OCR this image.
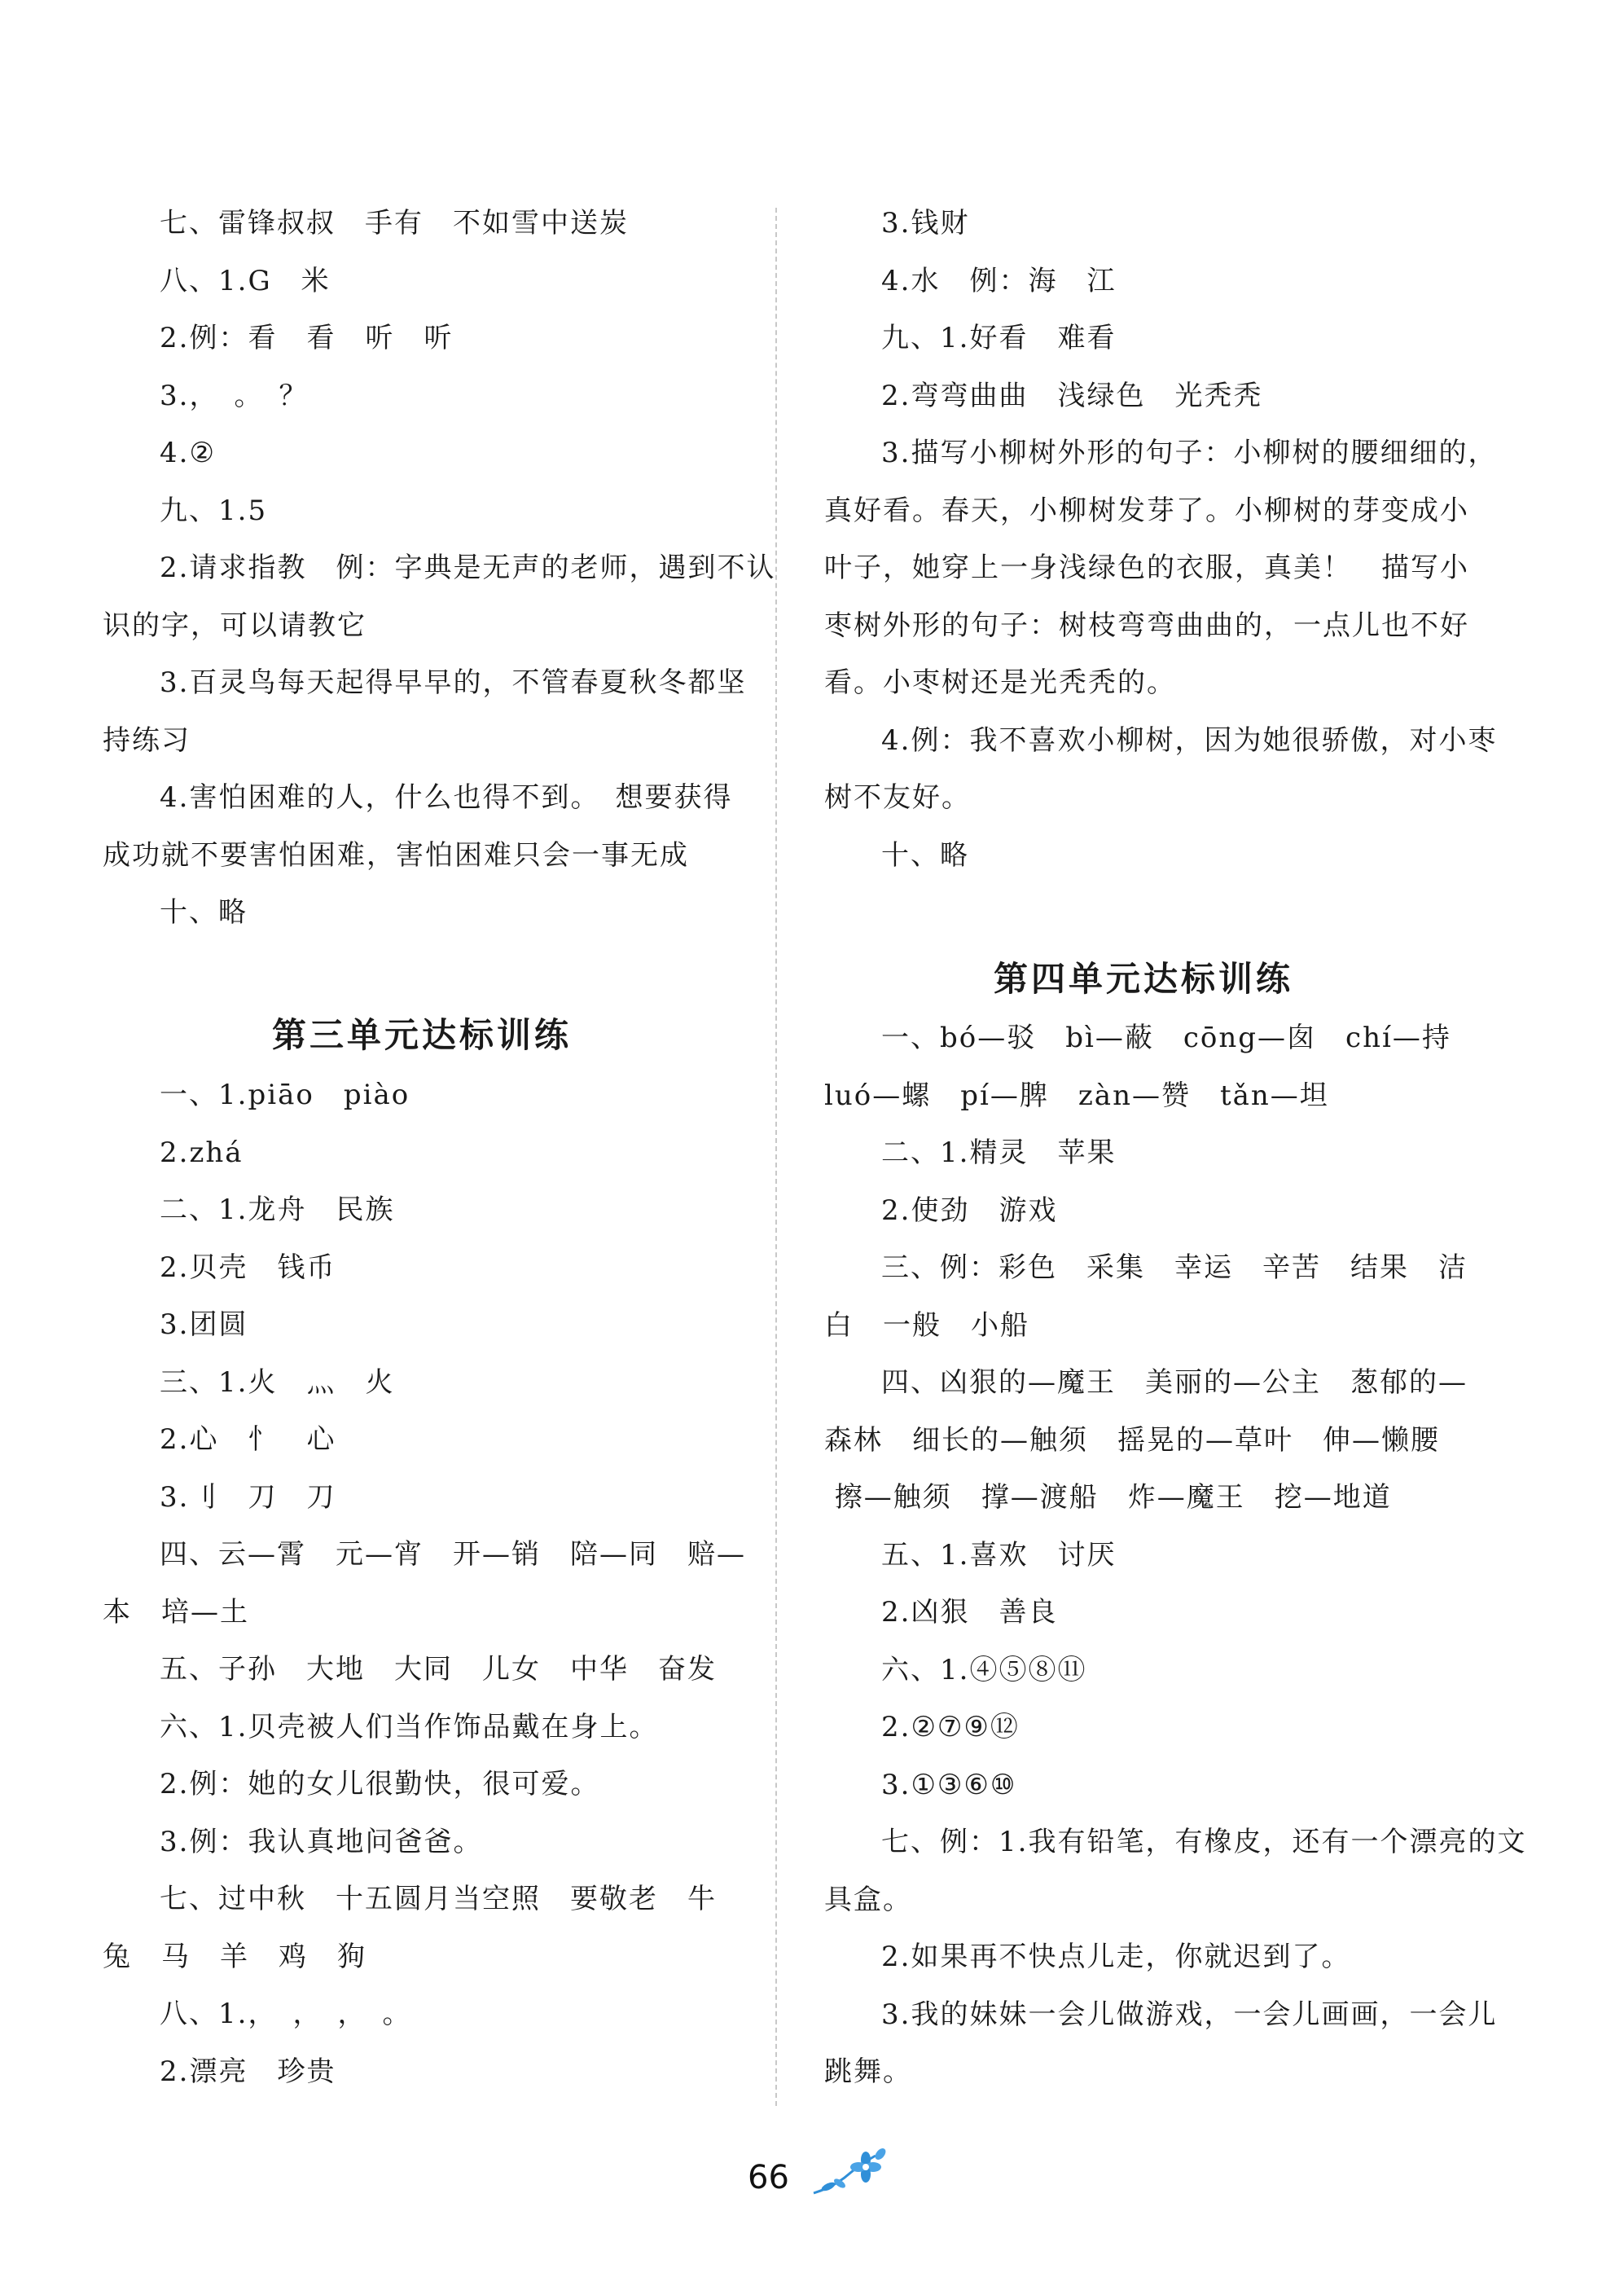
七、雷锋叔叔　手有　不如雪中送炭
八、1.G　米
2.例：看　看　听　听
3.，　。　？
4.②
九、1.5
2.请求指教　例：字典是无声的老师，遇到不认
识的字，可以请教它
3.百灵鸟每天起得早早的，不管春夏秋冬都坚
持练习
4.害怕困难的人，什么也得不到。　想要获得
成功就不要害怕困难，害怕困难只会一事无成
十、略
第三单元达标训练
一、1.piāo　piào
2.zhá
二、1.龙舟　民族
2.贝壳　钱币
3.团圆
三、1.火　灬　火
2.心　忄　心
3.刂　刀　刀
四、云—霄　元—宵　开—销　陪—同　赔—
本　培—土
五、子孙　大地　大同　儿女　中华　奋发
六、1.贝壳被人们当作饰品戴在身上。
2.例：她的女儿很勤快，很可爱。
3.例：我认真地问爸爸。
七、过中秋　十五圆月当空照　要敬老　牛
兔　马　羊　鸡　狗
八、1.，　，　，　。
2.漂亮　珍贵
3.钱财
4.水　例：海　江
九、1.好看　难看
2.弯弯曲曲　浅绿色　光秃秃
3.描写小柳树外形的句子：小柳树的腰细细的，
真好看。春天，小柳树发芽了。小柳树的芽变成小
叶子，她穿上一身浅绿色的衣服，真美！　描写小
枣树外形的句子：树枝弯弯曲曲的，一点儿也不好
看。小枣树还是光秃秃的。
4.例：我不喜欢小柳树，因为她很骄傲，对小枣
树不友好。
十、略
第四单元达标训练
一、bó—驳　bì—蔽　cōng—囱　chí—持
luó—螺　pí—脾　zàn—赞　tǎn—坦
二、1.精灵　苹果
2.使劲　游戏
三、例：彩色　采集　幸运　辛苦　结果　洁
白　一般　小船
四、凶狠的—魔王　美丽的—公主　葱郁的—
森林　细长的—触须　摇晃的—草叶　伸—懒腰
擦—触须　撑—渡船　炸—魔王　挖—地道
五、1.喜欢　讨厌
2.凶狠　善良
六、1.④⑤⑧⑪
2.②⑦⑨⑫
3.①③⑥⑩
七、例：1.我有铅笔，有橡皮，还有一个漂亮的文
具盒。
2.如果再不快点儿走，你就迟到了。
3.我的妹妹一会儿做游戏，一会儿画画，一会儿
跳舞。
66
